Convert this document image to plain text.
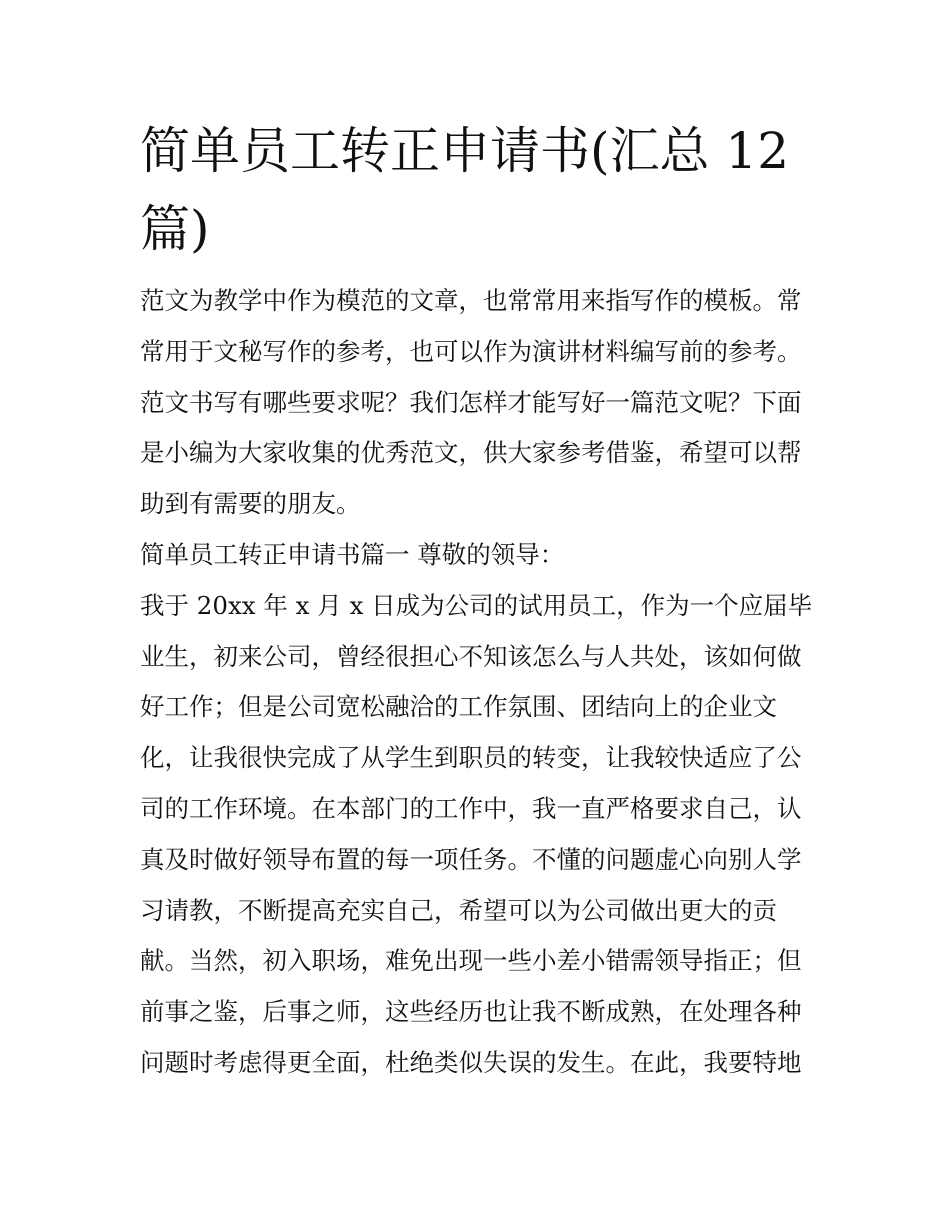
简单员工转正申请书(汇总 12
篇)
范文为教学中作为模范的文章，也常常用来指写作的模板。常
常用于文秘写作的参考，也可以作为演讲材料编写前的参考。
范文书写有哪些要求呢？我们怎样才能写好一篇范文呢？下面
是小编为大家收集的优秀范文，供大家参考借鉴，希望可以帮
助到有需要的朋友。
简单员工转正申请书篇一 尊敬的领导：
我于 20xx 年 x 月 x 日成为公司的试用员工，作为一个应届毕
业生，初来公司，曾经很担心不知该怎么与人共处，该如何做
好工作；但是公司宽松融洽的工作氛围、团结向上的企业文
化，让我很快完成了从学生到职员的转变，让我较快适应了公
司的工作环境。在本部门的工作中，我一直严格要求自己，认
真及时做好领导布置的每一项任务。不懂的问题虚心向别人学
习请教，不断提高充实自己，希望可以为公司做出更大的贡
献。当然，初入职场，难免出现一些小差小错需领导指正；但
前事之鉴，后事之师，这些经历也让我不断成熟，在处理各种
问题时考虑得更全面，杜绝类似失误的发生。在此，我要特地
